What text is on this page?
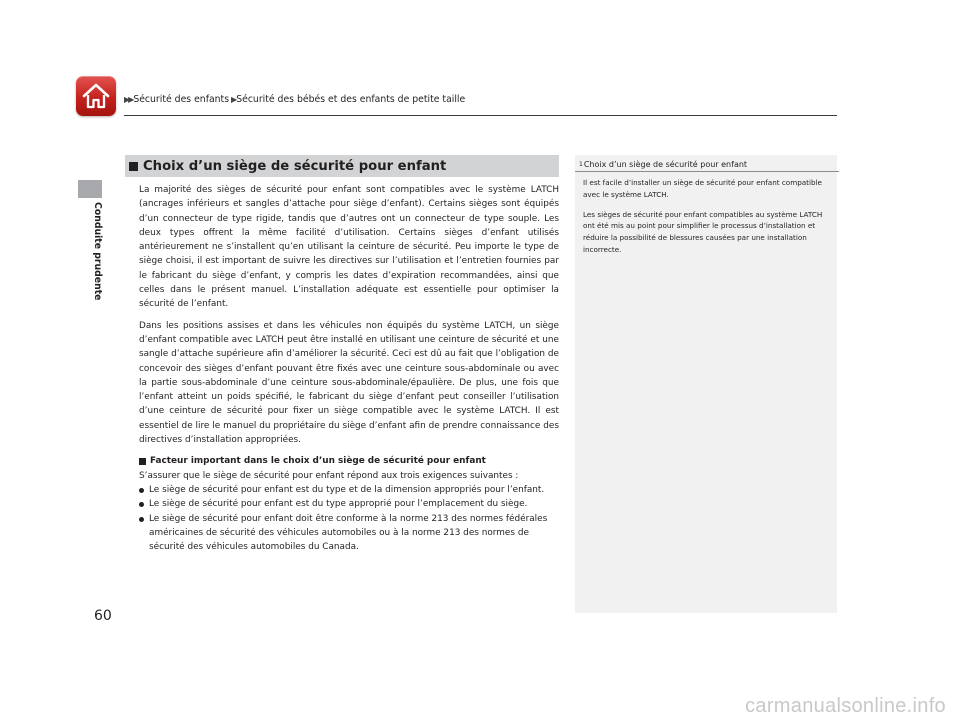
▶▶ Sécurité des enfants ▶ Sécurité des bébés et des enfants de petite taille
Conduite prudente
Choix d’un siège de sécurité pour enfant

La majorité des sièges de sécurité pour enfant sont compatibles avec le système LATCH (ancrages inférieurs et sangles d’attache pour siège d’enfant). Certains sièges sont équipés d’un connecteur de type rigide, tandis que d’autres ont un connecteur de type souple. Les deux types offrent la même facilité d’utilisation. Certains sièges d’enfant utilisés antérieurement ne s’installent qu’en utilisant la ceinture de sécurité. Peu importe le type de siège choisi, il est important de suivre les directives sur l’utilisation et l’entretien fournies par le fabricant du siège d’enfant, y compris les dates d’expiration recommandées, ainsi que celles dans le présent manuel. L’installation adéquate est essentielle pour optimiser la sécurité de l’enfant.

Dans les positions assises et dans les véhicules non équipés du système LATCH, un siège d’enfant compatible avec LATCH peut être installé en utilisant une ceinture de sécurité et une sangle d’attache supérieure afin d’améliorer la sécurité. Ceci est dû au fait que l’obligation de concevoir des sièges d’enfant pouvant être fixés avec une ceinture sous-abdominale ou avec la partie sous-abdominale d’une ceinture sous-abdominale/épaulière. De plus, une fois que l’enfant atteint un poids spécifié, le fabricant du siège d’enfant peut conseiller l’utilisation d’une ceinture de sécurité pour fixer un siège compatible avec le système LATCH. Il est essentiel de lire le manuel du propriétaire du siège d’enfant afin de prendre connaissance des directives d’installation appropriées.

Facteur important dans le choix d’un siège de sécurité pour enfant
S’assurer que le siège de sécurité pour enfant répond aux trois exigences suivantes :
Le siège de sécurité pour enfant est du type et de la dimension appropriés pour l’enfant.
Le siège de sécurité pour enfant est du type approprié pour l’emplacement du siège.
Le siège de sécurité pour enfant doit être conforme à la norme 213 des normes fédérales américaines de sécurité des véhicules automobiles ou à la norme 213 des normes de sécurité des véhicules automobiles du Canada.
1 Choix d’un siège de sécurité pour enfant

Il est facile d’installer un siège de sécurité pour enfant compatible avec le système LATCH.

Les sièges de sécurité pour enfant compatibles au système LATCH ont été mis au point pour simplifier le processus d’installation et réduire la possibilité de blessures causées par une installation incorrecte.

60
carmanualsonline.info
